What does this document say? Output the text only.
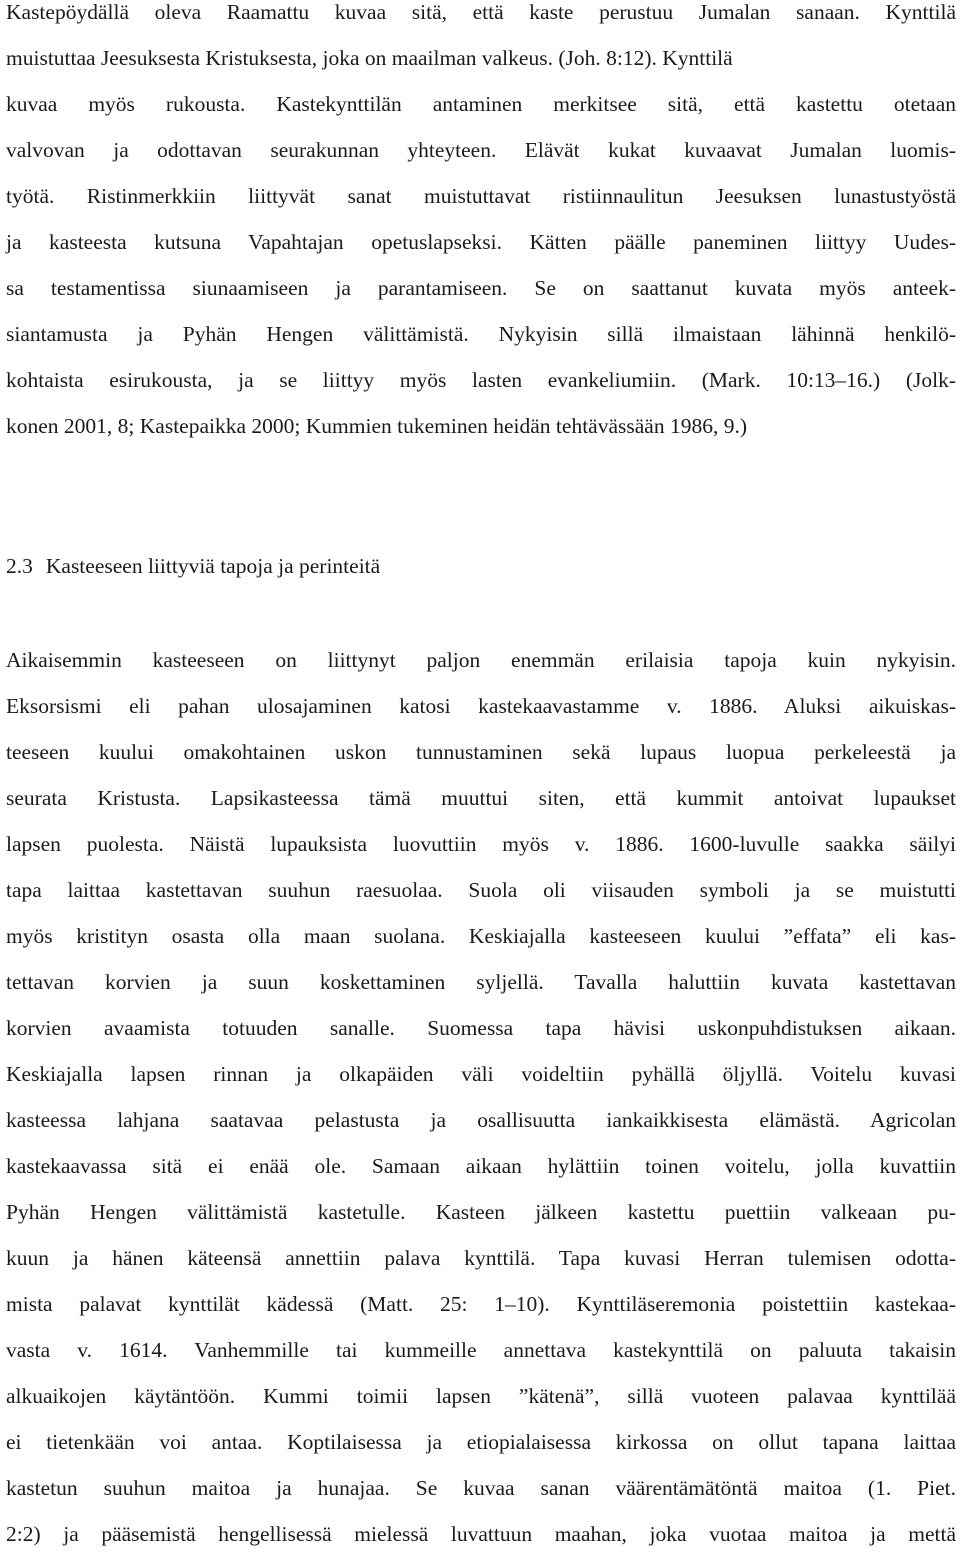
Kastepöydällä oleva Raamattu kuvaa sitä, että kaste perustuu Jumalan sanaan. Kynttilä
muistuttaa Jeesuksesta Kristuksesta, joka on maailman valkeus. (Joh. 8:12). Kynttilä
kuvaa myös rukousta. Kastekynttilän antaminen merkitsee sitä, että kastettu otetaan
valvovan ja odottavan seurakunnan yhteyteen. Elävät kukat kuvaavat Jumalan luomis-
työtä. Ristinmerkkiin liittyvät sanat muistuttavat ristiinnaulitun Jeesuksen lunastustyöstä
ja kasteesta kutsuna Vapahtajan opetuslapseksi. Kätten päälle paneminen liittyy Uudes-
sa testamentissa siunaamiseen ja parantamiseen. Se on saattanut kuvata myös anteek-
siantamusta ja Pyhän Hengen välittämistä. Nykyisin sillä ilmaistaan lähinnä henkilö-
kohtaista esirukousta, ja se liittyy myös lasten evankeliumiin. (Mark. 10:13–16.) (Jolk-
konen 2001, 8; Kastepaikka 2000; Kummien tukeminen heidän tehtävässään 1986, 9.)
2.3 Kasteeseen liittyviä tapoja ja perinteitä
Aikaisemmin kasteeseen on liittynyt paljon enemmän erilaisia tapoja kuin nykyisin.
Eksorsismi eli pahan ulosajaminen katosi kastekaavastamme v. 1886. Aluksi aikuiskas-
teeseen kuului omakohtainen uskon tunnustaminen sekä lupaus luopua perkeleestä ja
seurata Kristusta. Lapsikasteessa tämä muuttui siten, että kummit antoivat lupaukset
lapsen puolesta. Näistä lupauksista luovuttiin myös v. 1886. 1600-luvulle saakka säilyi
tapa laittaa kastettavan suuhun raesuolaa. Suola oli viisauden symboli ja se muistutti
myös kristityn osasta olla maan suolana. Keskiajalla kasteeseen kuului ”effata” eli kas-
tettavan korvien ja suun koskettaminen syljellä. Tavalla haluttiin kuvata kastettavan
korvien avaamista totuuden sanalle. Suomessa tapa hävisi uskonpuhdistuksen aikaan.
Keskiajalla lapsen rinnan ja olkapäiden väli voideltiin pyhällä öljyllä. Voitelu kuvasi
kasteessa lahjana saatavaa pelastusta ja osallisuutta iankaikkisesta elämästä. Agricolan
kastekaavassa sitä ei enää ole. Samaan aikaan hylättiin toinen voitelu, jolla kuvattiin
Pyhän Hengen välittämistä kastetulle. Kasteen jälkeen kastettu puettiin valkeaan pu-
kuun ja hänen käteensä annettiin palava kynttilä. Tapa kuvasi Herran tulemisen odotta-
mista palavat kynttilät kädessä (Matt. 25: 1–10). Kynttiläseremonia poistettiin kastekaa-
vasta v. 1614. Vanhemmille tai kummeille annettava kastekynttilä on paluuta takaisin
alkuaikojen käytäntöön. Kummi toimii lapsen ”kätenä”, sillä vuoteen palavaa kynttilää
ei tietenkään voi antaa. Koptilaisessa ja etiopialaisessa kirkossa on ollut tapana laittaa
kastetun suuhun maitoa ja hunajaa. Se kuvaa sanan väärentämätöntä maitoa (1. Piet.
2:2) ja pääsemistä hengellisessä mielessä luvattuun maahan, joka vuotaa maitoa ja mettä
